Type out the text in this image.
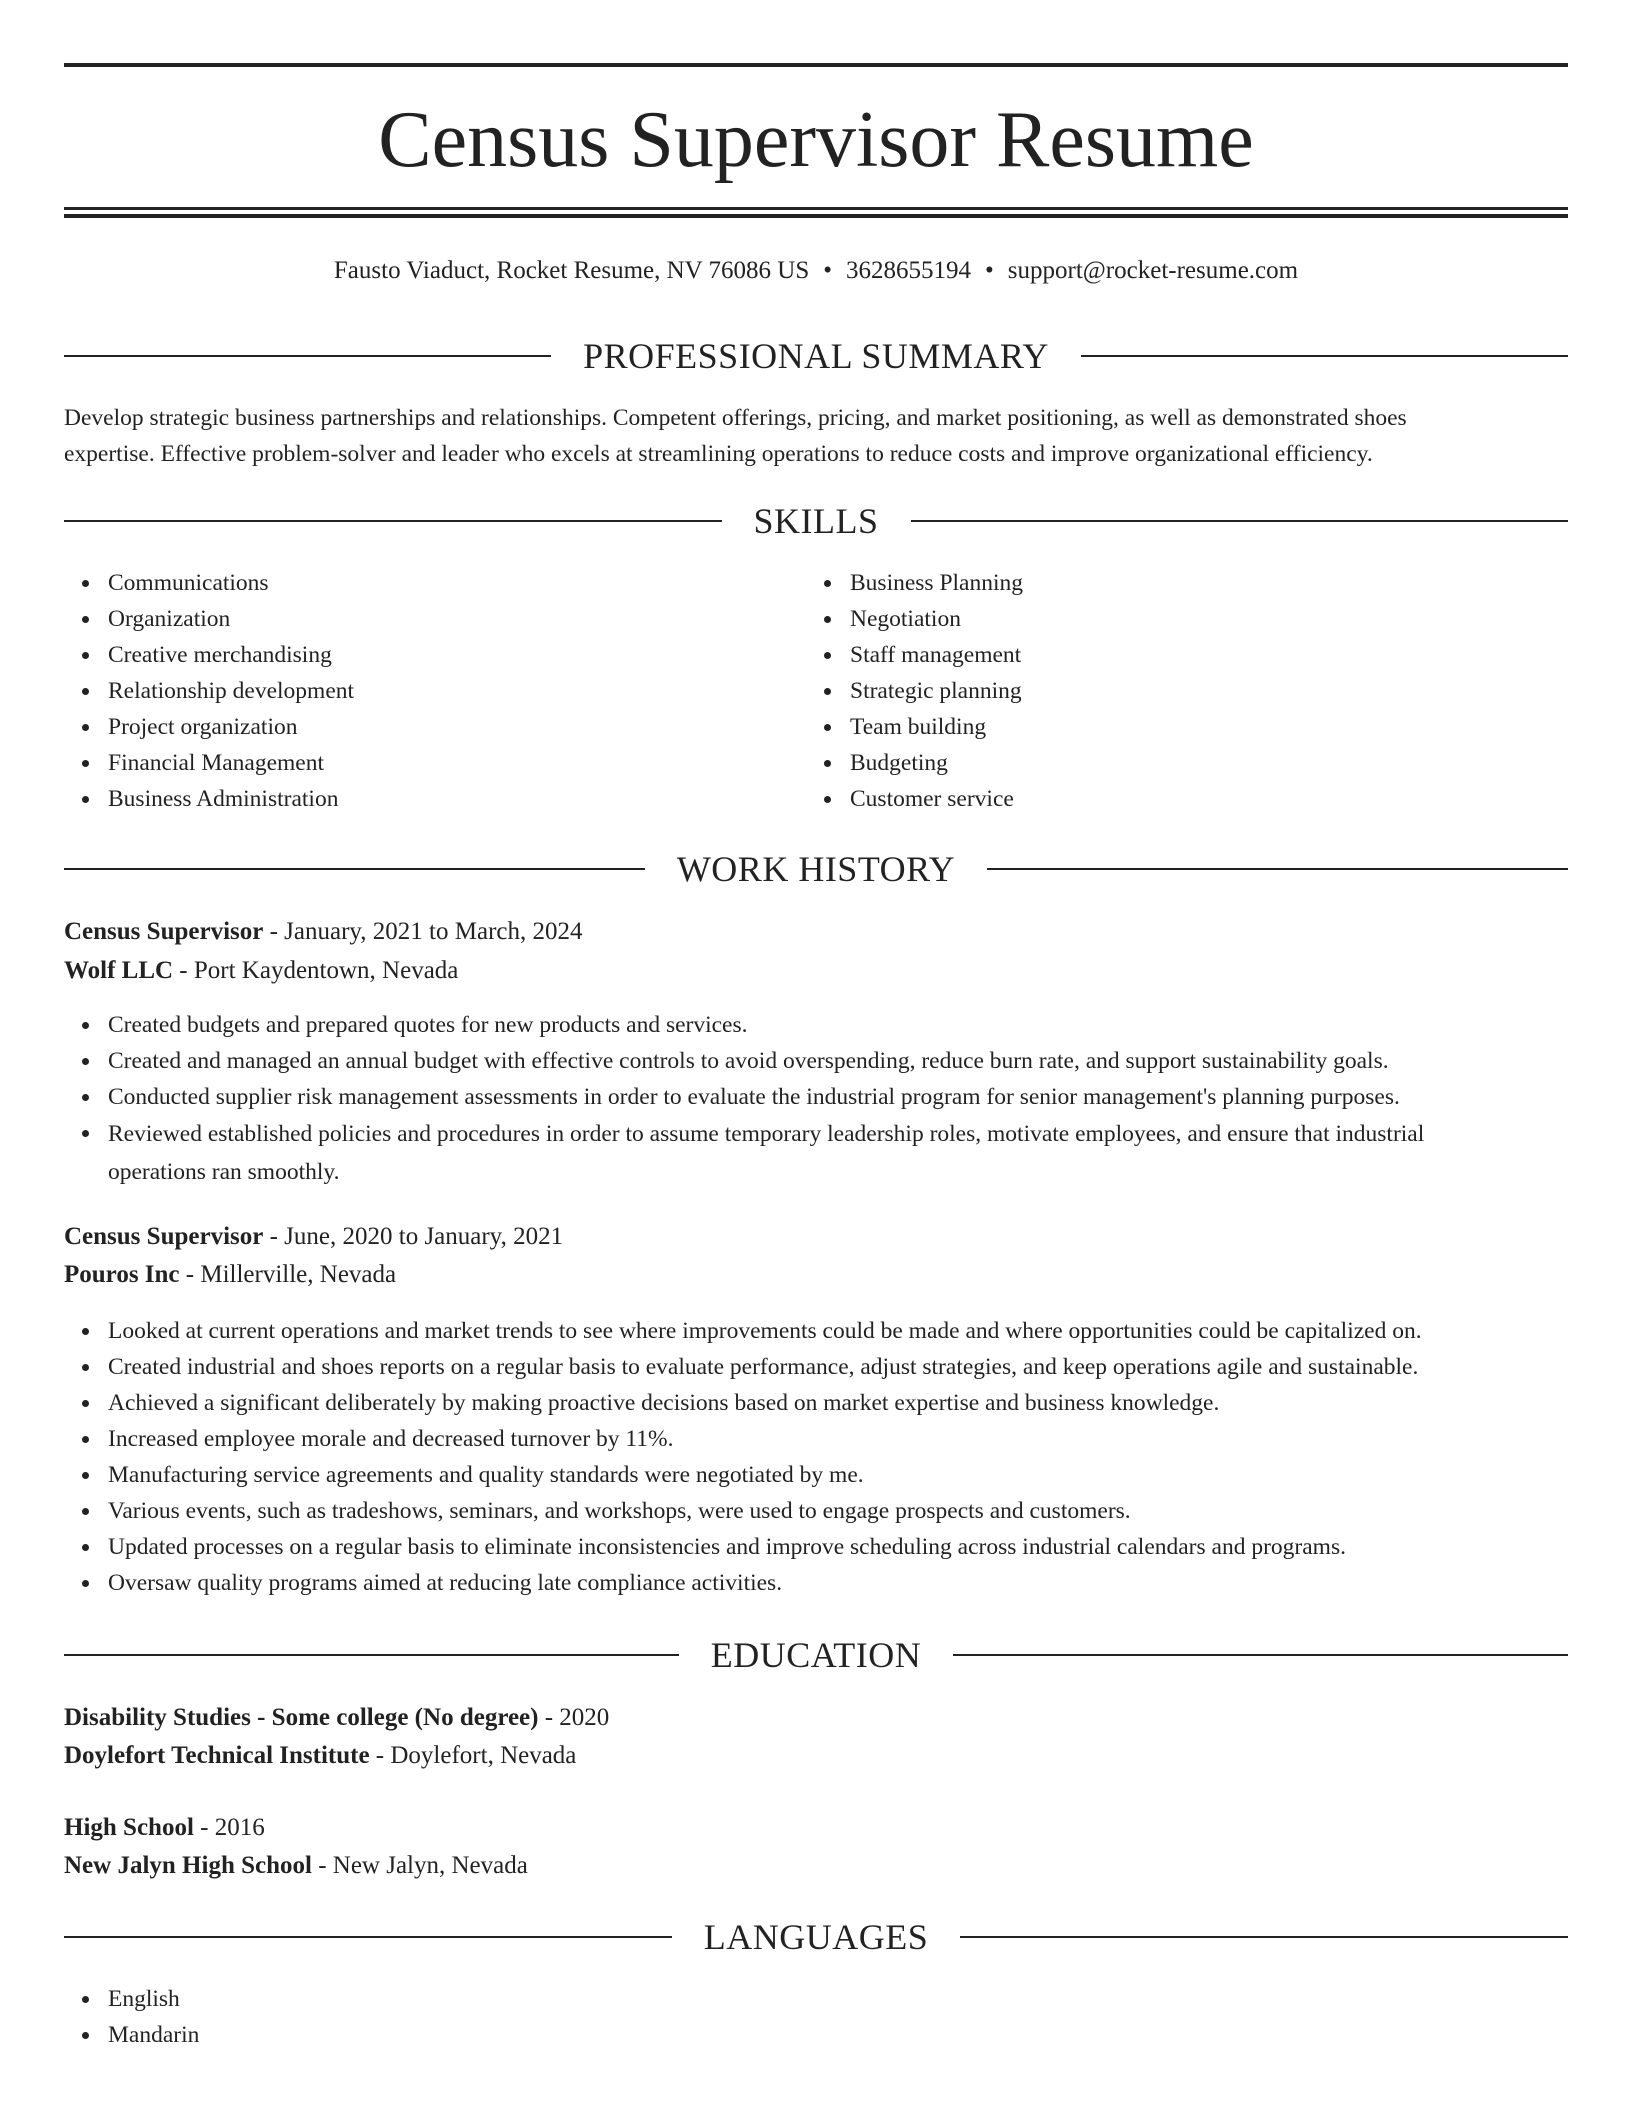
Census Supervisor Resume
Fausto Viaduct, Rocket Resume, NV 76086 US • 3628655194 • support@rocket-resume.com
PROFESSIONAL SUMMARY
Develop strategic business partnerships and relationships. Competent offerings, pricing, and market positioning, as well as demonstrated shoes
expertise. Effective problem-solver and leader who excels at streamlining operations to reduce costs and improve organizational efficiency.
SKILLS
Communications
Organization
Creative merchandising
Relationship development
Project organization
Financial Management
Business Administration
Business Planning
Negotiation
Staff management
Strategic planning
Team building
Budgeting
Customer service
WORK HISTORY
Census Supervisor - January, 2021 to March, 2024
Wolf LLC - Port Kaydentown, Nevada
Created budgets and prepared quotes for new products and services.
Created and managed an annual budget with effective controls to avoid overspending, reduce burn rate, and support sustainability goals.
Conducted supplier risk management assessments in order to evaluate the industrial program for senior management's planning purposes.
Reviewed established policies and procedures in order to assume temporary leadership roles, motivate employees, and ensure that industrial
operations ran smoothly.
Census Supervisor - June, 2020 to January, 2021
Pouros Inc - Millerville, Nevada
Looked at current operations and market trends to see where improvements could be made and where opportunities could be capitalized on.
Created industrial and shoes reports on a regular basis to evaluate performance, adjust strategies, and keep operations agile and sustainable.
Achieved a significant deliberately by making proactive decisions based on market expertise and business knowledge.
Increased employee morale and decreased turnover by 11%.
Manufacturing service agreements and quality standards were negotiated by me.
Various events, such as tradeshows, seminars, and workshops, were used to engage prospects and customers.
Updated processes on a regular basis to eliminate inconsistencies and improve scheduling across industrial calendars and programs.
Oversaw quality programs aimed at reducing late compliance activities.
EDUCATION
Disability Studies - Some college (No degree) - 2020
Doylefort Technical Institute - Doylefort, Nevada
High School - 2016
New Jalyn High School - New Jalyn, Nevada
LANGUAGES
English
Mandarin
